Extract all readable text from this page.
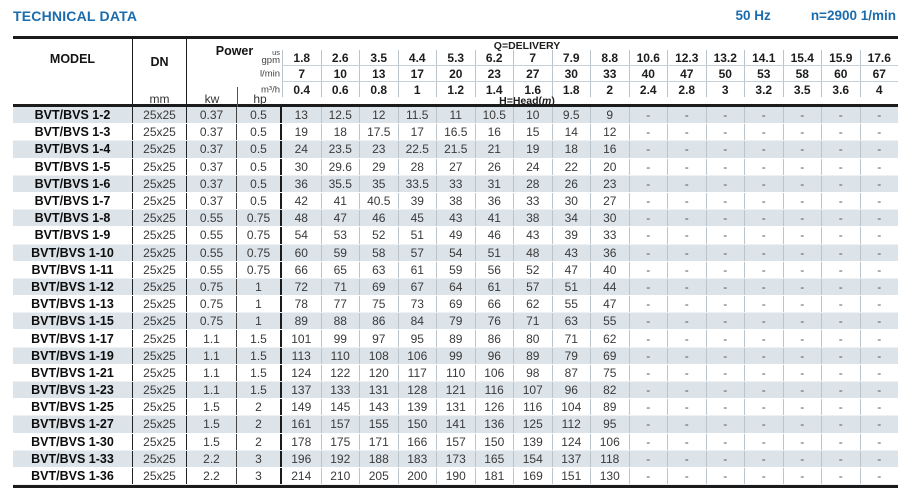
TECHNICAL DATA	50 Hz	n=2900 1/min
MODEL	DN
mm
Power
kw	hp
Q=DELIVERY
us
gpm	1.8	2.6	3.5	4.4	5.3	6.2	7	7.9	8.8	10.6	12.3	13.2	14.1	15.4	15.9	17.6
l/min	7	10	13	17	20	23	27	30	33	40	47	50	53	58	60	67
m³/h	0.4	0.6	0.8	1	1.2	1.4	1.6	1.8	2	2.4	2.8	3	3.2	3.5	3.6	4
H=Head(m)
BVT/BVS 1-2	25x25	0.37	0.5	13	12.5	12	11.5	11	10.5	10	9.5	9	-	-	-	-	-	-	-
BVT/BVS 1-3	25x25	0.37	0.5	19	18	17.5	17	16.5	16	15	14	12	-	-	-	-	-	-	-
BVT/BVS 1-4	25x25	0.37	0.5	24	23.5	23	22.5	21.5	21	19	18	16	-	-	-	-	-	-	-
BVT/BVS 1-5	25x25	0.37	0.5	30	29.6	29	28	27	26	24	22	20	-	-	-	-	-	-	-
BVT/BVS 1-6	25x25	0.37	0.5	36	35.5	35	33.5	33	31	28	26	23	-	-	-	-	-	-	-
BVT/BVS 1-7	25x25	0.37	0.5	42	41	40.5	39	38	36	33	30	27	-	-	-	-	-	-	-
BVT/BVS 1-8	25x25	0.55	0.75	48	47	46	45	43	41	38	34	30	-	-	-	-	-	-	-
BVT/BVS 1-9	25x25	0.55	0.75	54	53	52	51	49	46	43	39	33	-	-	-	-	-	-	-
BVT/BVS 1-10	25x25	0.55	0.75	60	59	58	57	54	51	48	43	36	-	-	-	-	-	-	-
BVT/BVS 1-11	25x25	0.55	0.75	66	65	63	61	59	56	52	47	40	-	-	-	-	-	-	-
BVT/BVS 1-12	25x25	0.75	1	72	71	69	67	64	61	57	51	44	-	-	-	-	-	-	-
BVT/BVS 1-13	25x25	0.75	1	78	77	75	73	69	66	62	55	47	-	-	-	-	-	-	-
BVT/BVS 1-15	25x25	0.75	1	89	88	86	84	79	76	71	63	55	-	-	-	-	-	-	-
BVT/BVS 1-17	25x25	1.1	1.5	101	99	97	95	89	86	80	71	62	-	-	-	-	-	-	-
BVT/BVS 1-19	25x25	1.1	1.5	113	110	108	106	99	96	89	79	69	-	-	-	-	-	-	-
BVT/BVS 1-21	25x25	1.1	1.5	124	122	120	117	110	106	98	87	75	-	-	-	-	-	-	-
BVT/BVS 1-23	25x25	1.1	1.5	137	133	131	128	121	116	107	96	82	-	-	-	-	-	-	-
BVT/BVS 1-25	25x25	1.5	2	149	145	143	139	131	126	116	104	89	-	-	-	-	-	-	-
BVT/BVS 1-27	25x25	1.5	2	161	157	155	150	141	136	125	112	95	-	-	-	-	-	-	-
BVT/BVS 1-30	25x25	1.5	2	178	175	171	166	157	150	139	124	106	-	-	-	-	-	-	-
BVT/BVS 1-33	25x25	2.2	3	196	192	188	183	173	165	154	137	118	-	-	-	-	-	-	-
BVT/BVS 1-36	25x25	2.2	3	214	210	205	200	190	181	169	151	130	-	-	-	-	-	-	-
